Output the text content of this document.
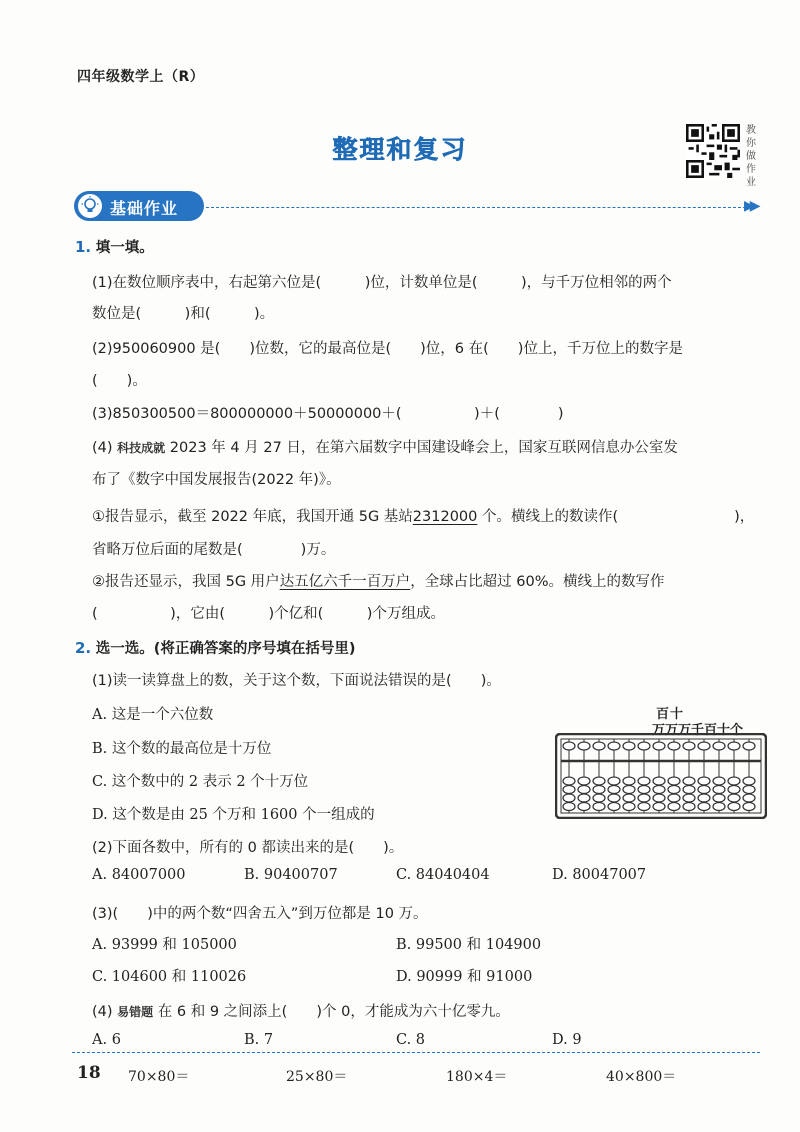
四年级数学上（R）
整理和复习
教你做作业
基础作业	▶▶
1. 填一填。
(1)在数位顺序表中，右起第六位是(　　　)位，计数单位是(　　　)，与千万位相邻的两个
数位是(　　　)和(　　　)。
(2)950060900 是(　　)位数，它的最高位是(　　)位，6 在(　　)位上，千万位上的数字是
(　　)。
(3)850300500＝800000000＋50000000＋(　　　　　)＋(　　　　)
(4) 科技成就 2023 年 4 月 27 日，在第六届数字中国建设峰会上，国家互联网信息办公室发
布了《数字中国发展报告(2022 年)》。
①报告显示，截至 2022 年底，我国开通 5G 基站2312000 个。横线上的数读作(　　　　　　　　)，
省略万位后面的尾数是(　　　　)万。
②报告还显示，我国 5G 用户达五亿六千一百万户，全球占比超过 60%。横线上的数写作
(　　　　　)，它由(　　　)个亿和(　　　)个万组成。
2. 选一选。(将正确答案的序号填在括号里)
(1)读一读算盘上的数，关于这个数，下面说法错误的是(　　)。
A. 这是一个六位数
B. 这个数的最高位是十万位
C. 这个数中的 2 表示 2 个十万位
D. 这个数是由 25 个万和 1600 个一组成的
百十
万万万千百十个
(2)下面各数中，所有的 0 都读出来的是(　　)。
A. 84007000	B. 90400707	C. 84040404	D. 80047007
(3)(　　)中的两个数“四舍五入”到万位都是 10 万。
A. 93999 和 105000	B. 99500 和 104900
C. 104600 和 110026	D. 90999 和 91000
(4) 易错题 在 6 和 9 之间添上(　　)个 0，才能成为六十亿零九。
A. 6	B. 7	C. 8	D. 9
18 70×80＝	25×80＝	180×4＝	40×800＝
